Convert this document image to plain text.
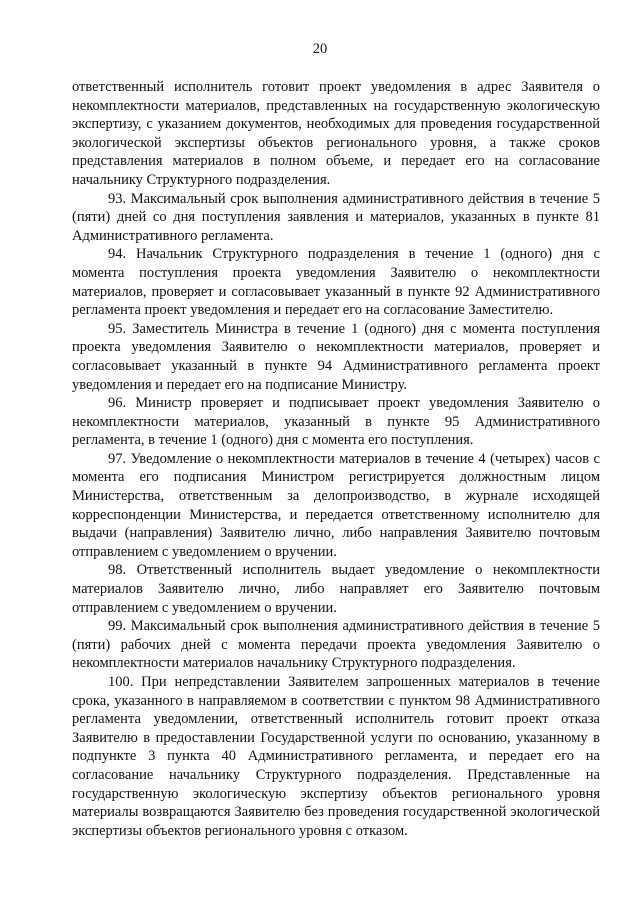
20

ответственный исполнитель готовит проект уведомления в адрес Заявителя о некомплектности материалов, представленных на государственную экологическую экспертизу, с указанием документов, необходимых для проведения государственной экологической экспертизы объектов регионального уровня, а также сроков представления материалов в полном объеме, и передает его на согласование начальнику Структурного подразделения.

93. Максимальный срок выполнения административного действия в течение 5 (пяти) дней со дня поступления заявления и материалов, указанных в пункте 81 Административного регламента.

94. Начальник Структурного подразделения в течение 1 (одного) дня с момента поступления проекта уведомления Заявителю о некомплектности материалов, проверяет и согласовывает указанный в пункте 92 Административного регламента проект уведомления и передает его на согласование Заместителю.

95. Заместитель Министра в течение 1 (одного) дня с момента поступления проекта уведомления Заявителю о некомплектности материалов, проверяет и согласовывает указанный в пункте 94 Административного регламента проект уведомления и передает его на подписание Министру.

96. Министр проверяет и подписывает проект уведомления Заявителю о некомплектности материалов, указанный в пункте 95 Административного регламента, в течение 1 (одного) дня с момента его поступления.

97. Уведомление о некомплектности материалов в течение 4 (четырех) часов с момента его подписания Министром регистрируется должностным лицом Министерства, ответственным за делопроизводство, в журнале исходящей корреспонденции Министерства, и передается ответственному исполнителю для выдачи (направления) Заявителю лично, либо направления Заявителю почтовым отправлением с уведомлением о вручении.

98. Ответственный исполнитель выдает уведомление о некомплектности материалов Заявителю лично, либо направляет его Заявителю почтовым отправлением с уведомлением о вручении.

99. Максимальный срок выполнения административного действия в течение 5 (пяти) рабочих дней с момента передачи проекта уведомления Заявителю о некомплектности материалов начальнику Структурного подразделения.

100. При непредставлении Заявителем запрошенных материалов в течение срока, указанного в направляемом в соответствии с пунктом 98 Административного регламента уведомлении, ответственный исполнитель готовит проект отказа Заявителю в предоставлении Государственной услуги по основанию, указанному в подпункте 3 пункта 40 Административного регламента, и передает его на согласование начальнику Структурного подразделения. Представленные на государственную экологическую экспертизу объектов регионального уровня материалы возвращаются Заявителю без проведения государственной экологической экспертизы объектов регионального уровня с отказом.
